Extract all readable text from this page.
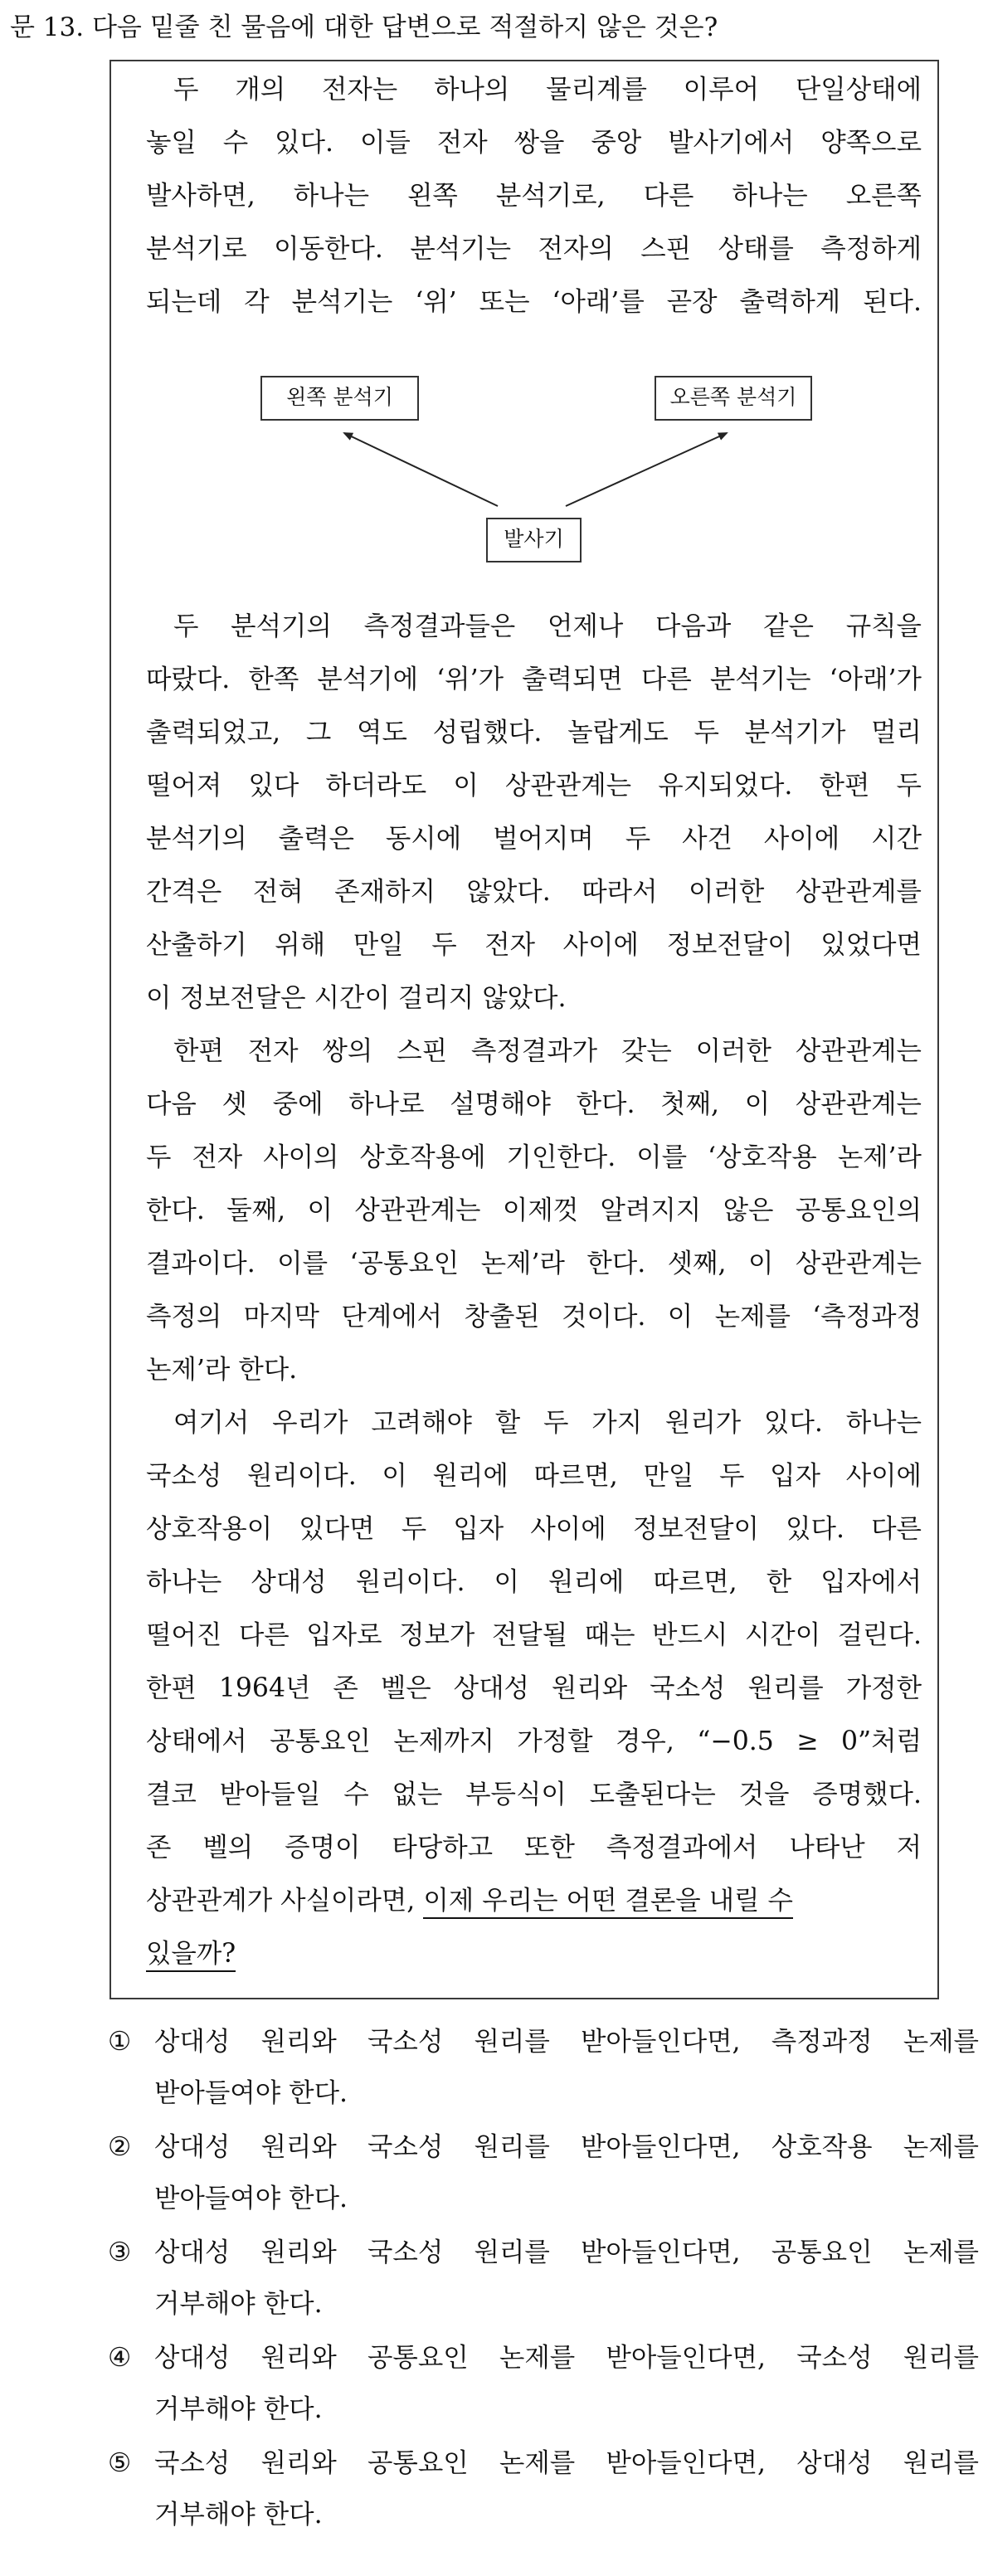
문 13. 다음 밑줄 친 물음에 대한 답변으로 적절하지 않은 것은?
두 개의 전자는 하나의 물리계를 이루어 단일상태에
놓일 수 있다. 이들 전자 쌍을 중앙 발사기에서 양쪽으로
발사하면, 하나는 왼쪽 분석기로, 다른 하나는 오른쪽
분석기로 이동한다. 분석기는 전자의 스핀 상태를 측정하게
되는데 각 분석기는 ‘위’ 또는 ‘아래’를 곧장 출력하게 된다.
왼쪽 분석기	오른쪽 분석기
발사기
두 분석기의 측정결과들은 언제나 다음과 같은 규칙을
따랐다. 한쪽 분석기에 ‘위’가 출력되면 다른 분석기는 ‘아래’가
출력되었고, 그 역도 성립했다. 놀랍게도 두 분석기가 멀리
떨어져 있다 하더라도 이 상관관계는 유지되었다. 한편 두
분석기의 출력은 동시에 벌어지며 두 사건 사이에 시간
간격은 전혀 존재하지 않았다. 따라서 이러한 상관관계를
산출하기 위해 만일 두 전자 사이에 정보전달이 있었다면
이 정보전달은 시간이 걸리지 않았다.
한편 전자 쌍의 스핀 측정결과가 갖는 이러한 상관관계는
다음 셋 중에 하나로 설명해야 한다. 첫째, 이 상관관계는
두 전자 사이의 상호작용에 기인한다. 이를 ‘상호작용 논제’라
한다. 둘째, 이 상관관계는 이제껏 알려지지 않은 공통요인의
결과이다. 이를 ‘공통요인 논제’라 한다. 셋째, 이 상관관계는
측정의 마지막 단계에서 창출된 것이다. 이 논제를 ‘측정과정
논제’라 한다.
여기서 우리가 고려해야 할 두 가지 원리가 있다. 하나는
국소성 원리이다. 이 원리에 따르면, 만일 두 입자 사이에
상호작용이 있다면 두 입자 사이에 정보전달이 있다. 다른
하나는 상대성 원리이다. 이 원리에 따르면, 한 입자에서
떨어진 다른 입자로 정보가 전달될 때는 반드시 시간이 걸린다.
한편 1964년 존 벨은 상대성 원리와 국소성 원리를 가정한
상태에서 공통요인 논제까지 가정할 경우, “−0.5 ≥ 0”처럼
결코 받아들일 수 없는 부등식이 도출된다는 것을 증명했다.
존 벨의 증명이 타당하고 또한 측정결과에서 나타난 저
상관관계가 사실이라면, 이제 우리는 어떤 결론을 내릴 수
있을까?
① 상대성 원리와 국소성 원리를 받아들인다면, 측정과정 논제를
받아들여야 한다.
② 상대성 원리와 국소성 원리를 받아들인다면, 상호작용 논제를
받아들여야 한다.
③ 상대성 원리와 국소성 원리를 받아들인다면, 공통요인 논제를
거부해야 한다.
④ 상대성 원리와 공통요인 논제를 받아들인다면, 국소성 원리를
거부해야 한다.
⑤ 국소성 원리와 공통요인 논제를 받아들인다면, 상대성 원리를
거부해야 한다.
